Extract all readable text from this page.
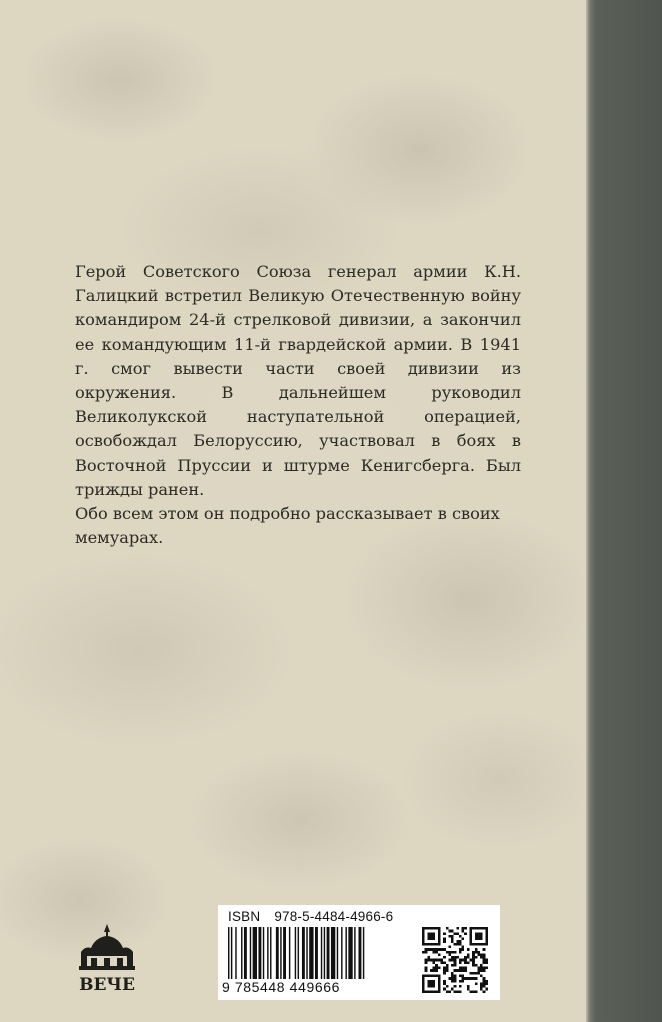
Герой Советского Союза генерал армии К.Н. Галицкий встретил Великую Отечественную войну командиром 24-й стрелковой дивизии, а закончил ее командующим 11-й гвардейской армии. В 1941 г. смог вывести части своей дивизии из окружения. В дальнейшем руководил Великолукской наступательной операцией, освобождал Белоруссию, участвовал в боях в Восточной Пруссии и штурме Кенигсберга. Был трижды ранен.

Обо всем этом он подробно рассказывает в своих мемуарах.

ВЕЧЕ
ISBN 978-5-4484-4966-6
9 785448 449666
